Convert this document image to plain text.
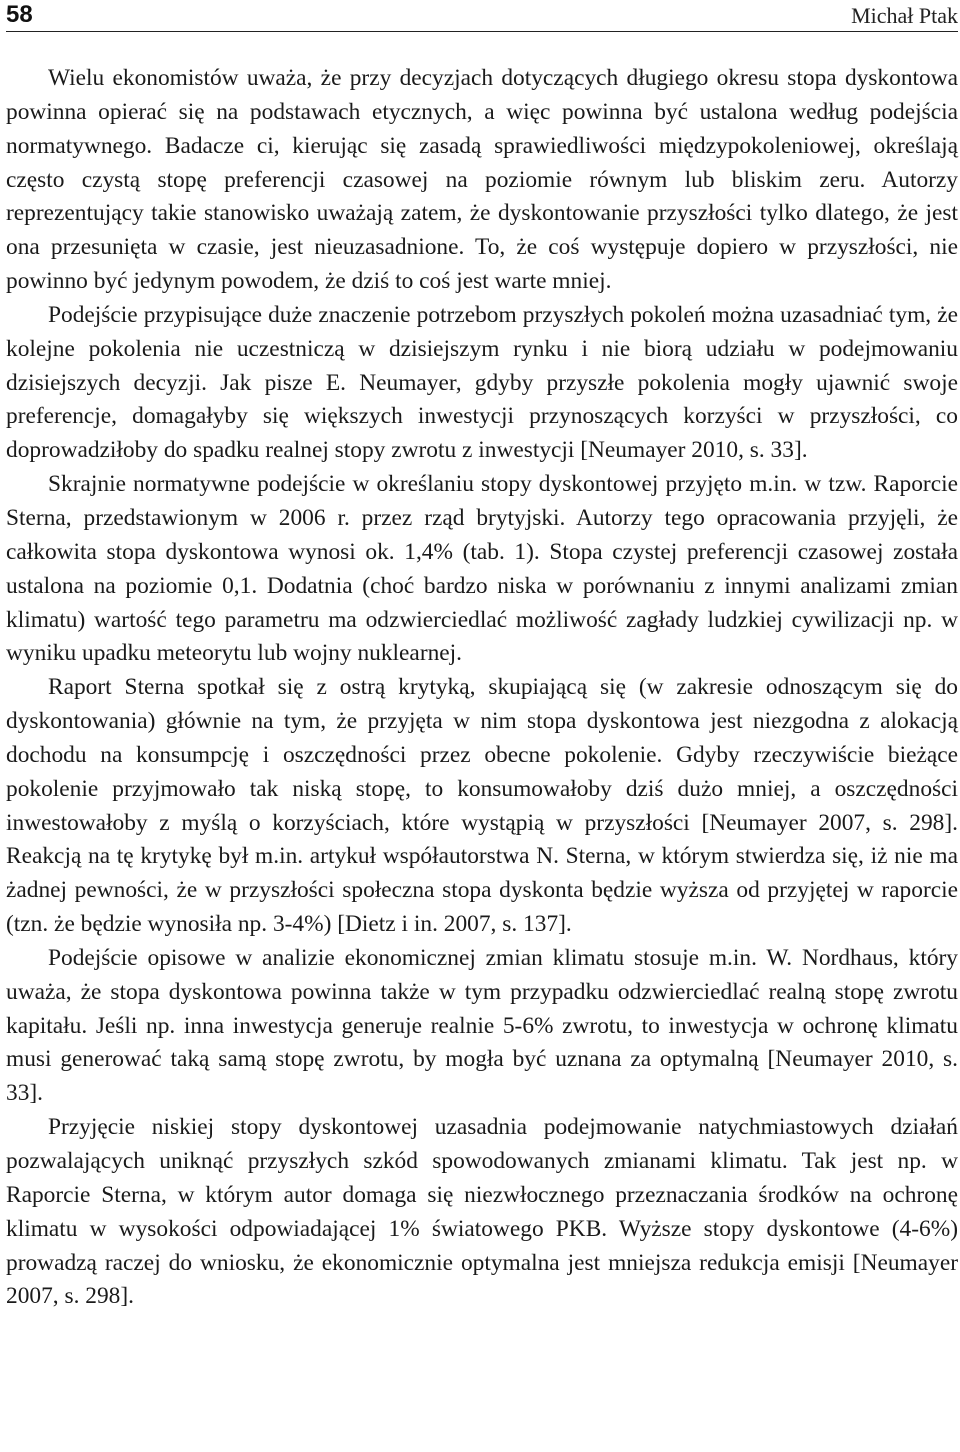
58	Michał Ptak

Wielu ekonomistów uważa, że przy decyzjach dotyczących długiego okresu stopa dyskontowa powinna opierać się na podstawach etycznych, a więc powinna być ustalona według podejścia normatywnego. Badacze ci, kierując się zasadą sprawiedliwości międzypokoleniowej, określają często czystą stopę preferencji czasowej na poziomie równym lub bliskim zeru. Autorzy reprezentujący takie stanowisko uważają zatem, że dyskontowanie przyszłości tylko dlatego, że jest ona przesunięta w czasie, jest nieuzasadnione. To, że coś występuje dopiero w przyszłości, nie powinno być jedynym powodem, że dziś to coś jest warte mniej.

Podejście przypisujące duże znaczenie potrzebom przyszłych pokoleń można uzasadniać tym, że kolejne pokolenia nie uczestniczą w dzisiejszym rynku i nie biorą udziału w podejmowaniu dzisiejszych decyzji. Jak pisze E. Neumayer, gdyby przyszłe pokolenia mogły ujawnić swoje preferencje, domagałyby się większych inwestycji przynoszących korzyści w przyszłości, co doprowadziłoby do spadku realnej stopy zwrotu z inwestycji [Neumayer 2010, s. 33].

Skrajnie normatywne podejście w określaniu stopy dyskontowej przyjęto m.in. w tzw. Raporcie Sterna, przedstawionym w 2006 r. przez rząd brytyjski. Autorzy tego opracowania przyjęli, że całkowita stopa dyskontowa wynosi ok. 1,4% (tab. 1). Stopa czystej preferencji czasowej została ustalona na poziomie 0,1. Dodatnia (choć bardzo niska w porównaniu z innymi analizami zmian klimatu) wartość tego parametru ma odzwierciedlać możliwość zagłady ludzkiej cywilizacji np. w wyniku upadku meteorytu lub wojny nuklearnej.

Raport Sterna spotkał się z ostrą krytyką, skupiającą się (w zakresie odnoszącym się do dyskontowania) głównie na tym, że przyjęta w nim stopa dyskontowa jest niezgodna z alokacją dochodu na konsumpcję i oszczędności przez obecne pokolenie. Gdyby rzeczywiście bieżące pokolenie przyjmowało tak niską stopę, to konsumowałoby dziś dużo mniej, a oszczędności inwestowałoby z myślą o korzyściach, które wystąpią w przyszłości [Neumayer 2007, s. 298]. Reakcją na tę krytykę był m.in. artykuł współautorstwa N. Sterna, w którym stwierdza się, iż nie ma żadnej pewności, że w przyszłości społeczna stopa dyskonta będzie wyższa od przyjętej w raporcie (tzn. że będzie wynosiła np. 3-4%) [Dietz i in. 2007, s. 137].

Podejście opisowe w analizie ekonomicznej zmian klimatu stosuje m.in. W. Nordhaus, który uważa, że stopa dyskontowa powinna także w tym przypadku odzwierciedlać realną stopę zwrotu kapitału. Jeśli np. inna inwestycja generuje realnie 5-6% zwrotu, to inwestycja w ochronę klimatu musi generować taką samą stopę zwrotu, by mogła być uznana za optymalną [Neumayer 2010, s. 33].

Przyjęcie niskiej stopy dyskontowej uzasadnia podejmowanie natychmiastowych działań pozwalających uniknąć przyszłych szkód spowodowanych zmianami klimatu. Tak jest np. w Raporcie Sterna, w którym autor domaga się niezwłocznego przeznaczania środków na ochronę klimatu w wysokości odpowiadającej 1% światowego PKB. Wyższe stopy dyskontowe (4-6%) prowadzą raczej do wniosku, że ekonomicznie optymalna jest mniejsza redukcja emisji [Neumayer 2007, s. 298].
